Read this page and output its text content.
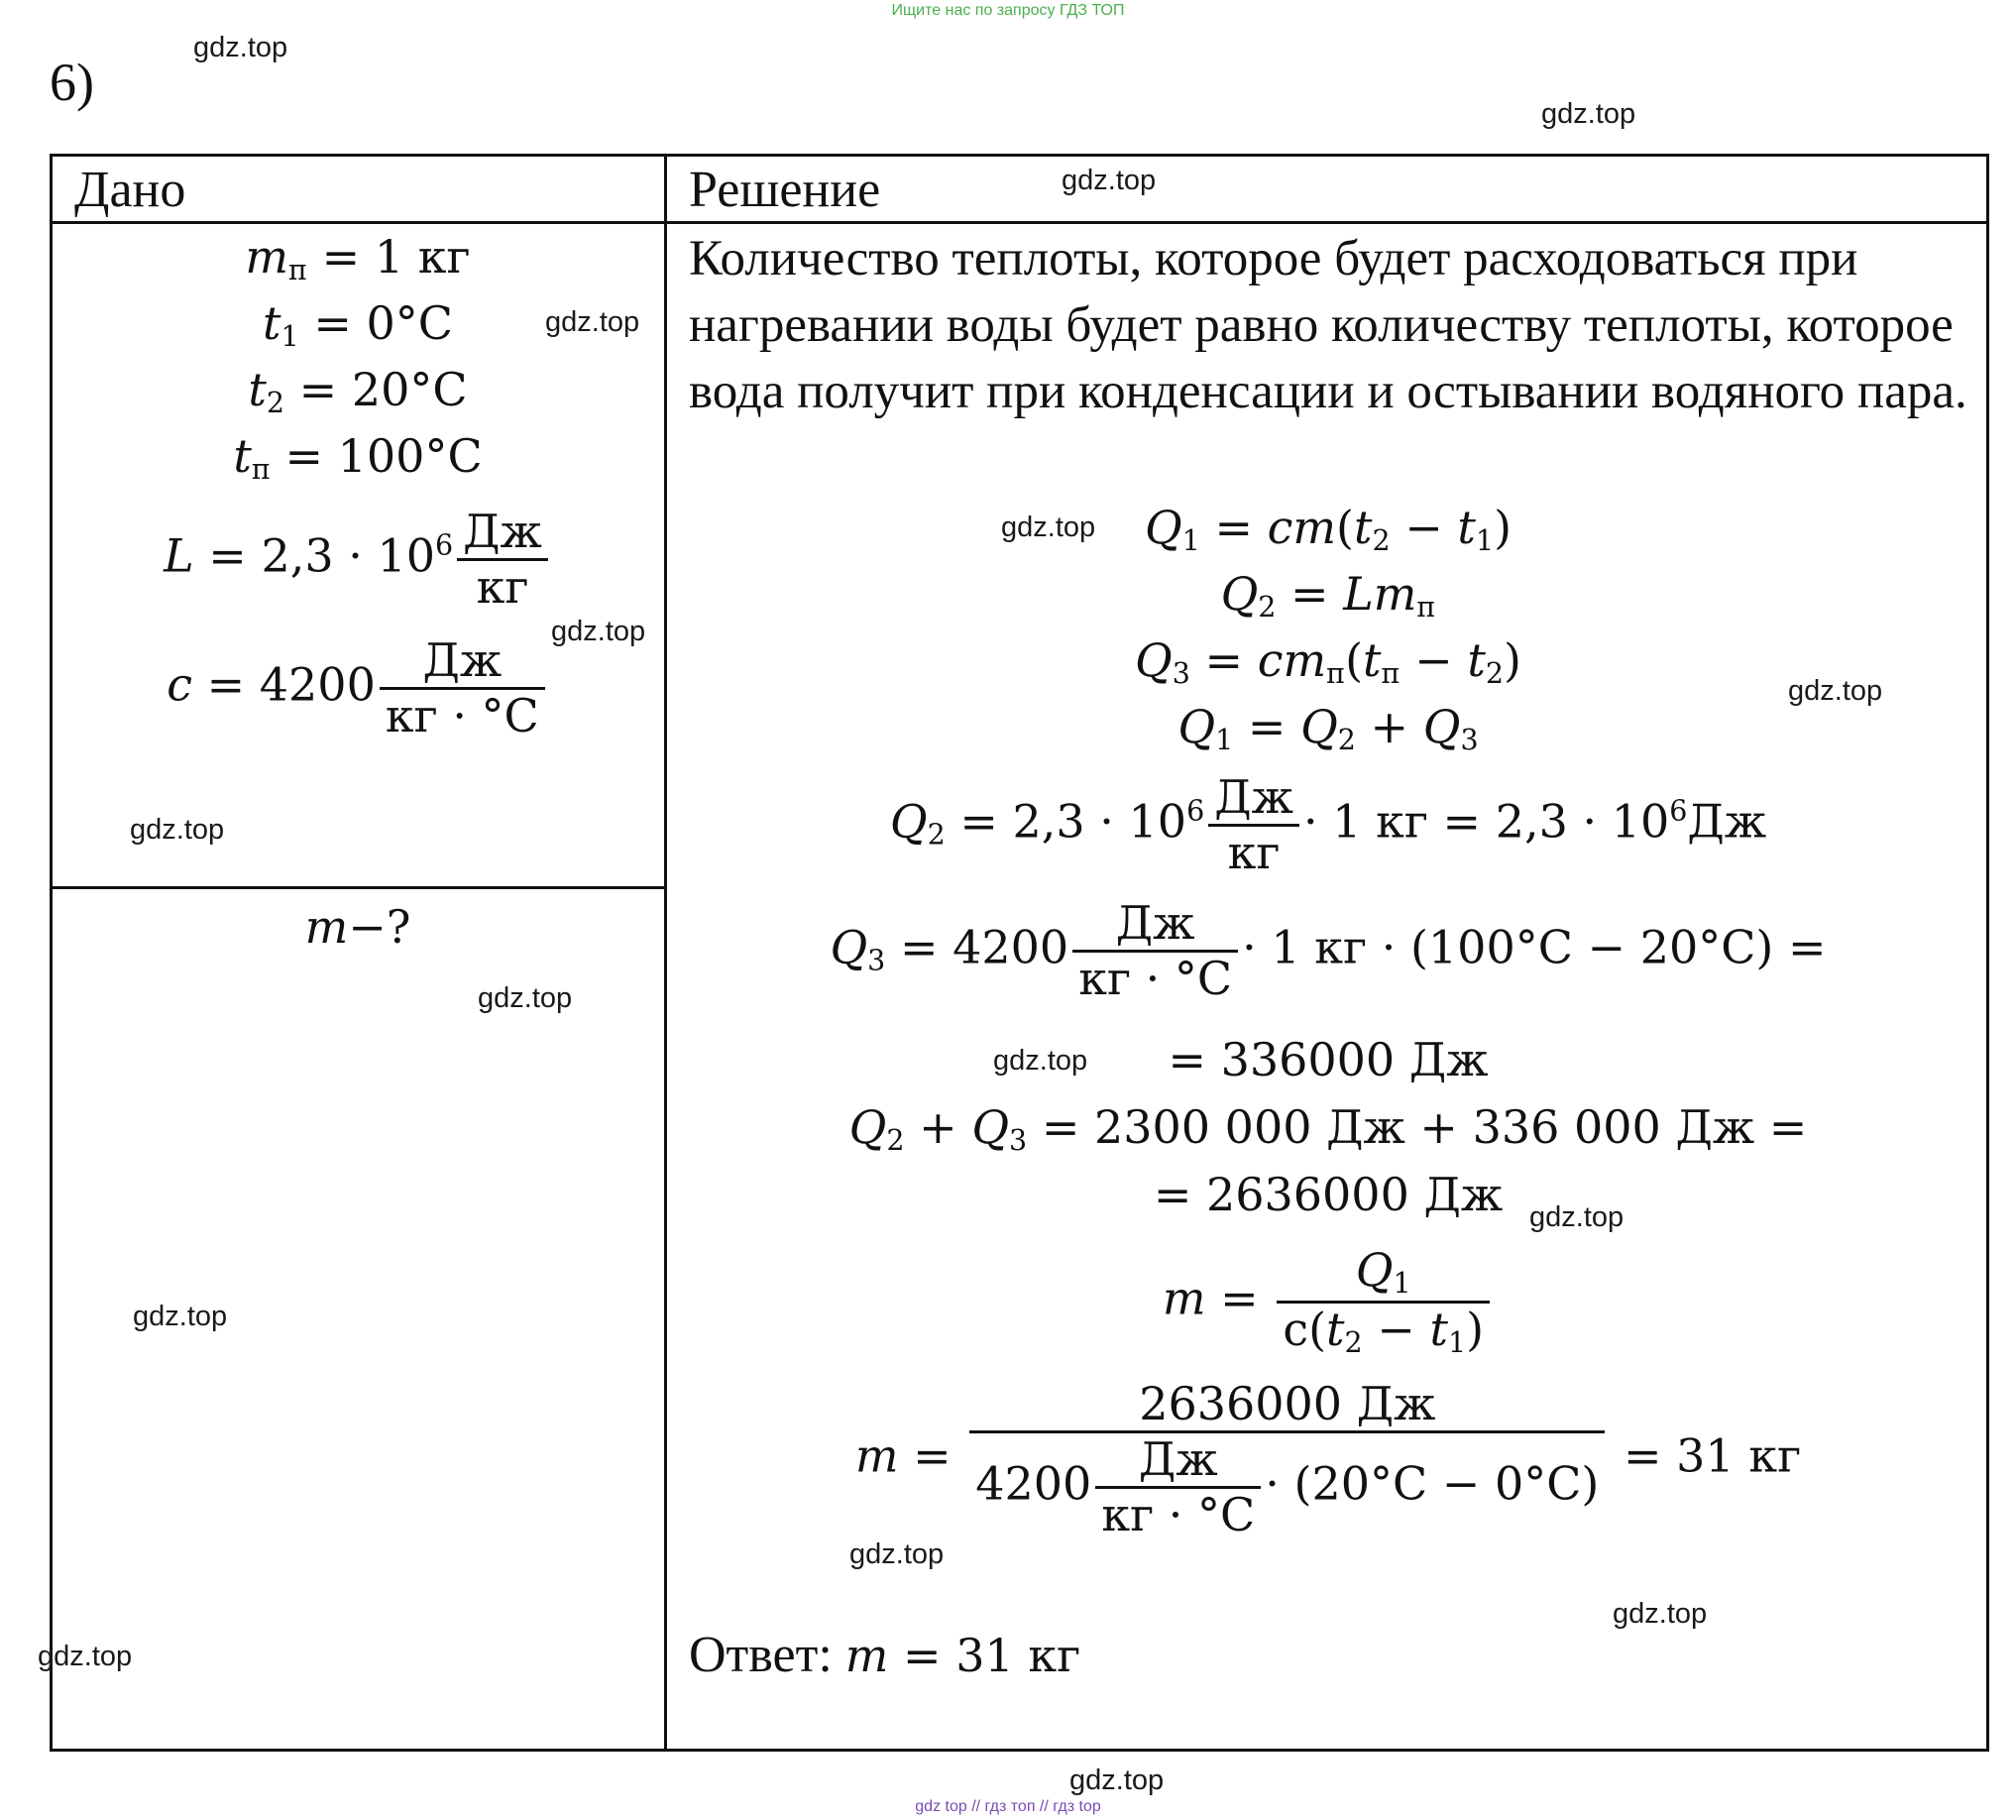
Ищите нас по запросу ГДЗ ТОП
6)
Дано	Решение
$m_п = 1$ кг
$t_1 = 0^\circ C$
$t_2 = 20^\circ C$
$t_п = 100^\circ C$
$L = 2,3 \cdot 10^6 \frac{Дж}{кг}$
$c = 4200 \frac{Дж}{кг \cdot ^\circ C}$
m−?
Количество теплоты, которое будет расходоваться при нагревании воды будет равно количеству теплоты, которое вода получит при конденсации и остывании водяного пара.
$Q_1 = cm(t_2 - t_1)$
$Q_2 = Lm_п$
$Q_3 = cm_п(t_п - t_2)$
$Q_1 = Q_2 + Q_3$
$Q_2 = 2,3 \cdot 10^6 \frac{Дж}{кг} \cdot 1$ кг = $2,3 \cdot 10^6Дж$
$Q_3 = 4200 \frac{Дж}{кг \cdot ^\circ C} \cdot 1$ кг · (100°C − 20°C) =
= 336000 Дж
$Q_2 + Q_3 = 2300$ 000 Дж + 336 000 Дж =
= 2636000 Дж
$m = \frac{Q_1}{c(t_2 - t_1)}$
$m = \frac{2636000 Дж}{4200 \frac{Дж}{кг \cdot ^\circ C} \cdot (20^\circ C - 0^\circ C)} = 31$ кг
Ответ: m = 31 кг
gdz.top
gdz.top
gdz.top
gdz.top
gdz.top
gdz.top
gdz.top
gdz.top
gdz.top
gdz.top
gdz.top
gdz.top
gdz.top
gdz.top
gdz.top
gdz.top
gdz top // гдз топ // гдз top
